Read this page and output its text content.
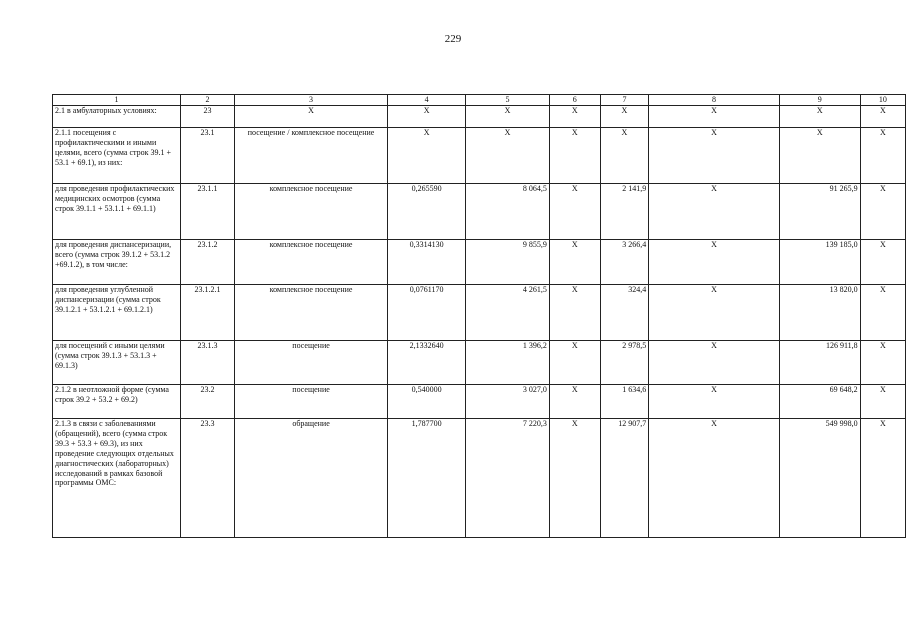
229
1	2	3	4	5	6	7	8	9	10
2.1 в амбулаторных условиях:	23	X	X	X	X	X	X	X	X
2.1.1 посещения с профилактическими и иными целями, всего (сумма строк 39.1 + 53.1 + 69.1), из них:	23.1	посещение / комплексное посещение	X	X	X	X	X	X	X
для проведения профилактических медицинских осмотров (сумма строк 39.1.1 + 53.1.1 + 69.1.1)	23.1.1	комплексное посещение	0,265590	8 064,5	X	2 141,9	X	91 265,9	X
для проведения диспансеризации, всего (сумма строк 39.1.2 + 53.1.2 +69.1.2), в том числе:	23.1.2	комплексное посещение	0,3314130	9 855,9	X	3 266,4	X	139 185,0	X
для проведения углубленной диспансеризации (сумма строк 39.1.2.1 + 53.1.2.1 + 69.1.2.1)	23.1.2.1	комплексное посещение	0,0761170	4 261,5	X	324,4	X	13 820,0	X
для посещений с иными целями (сумма строк 39.1.3 + 53.1.3 + 69.1.3)	23.1.3	посещение	2,1332640	1 396,2	X	2 978,5	X	126 911,8	X
2.1.2 в неотложной форме (сумма строк 39.2 + 53.2 + 69.2)	23.2	посещение	0,540000	3 027,0	X	1 634,6	X	69 648,2	X
2.1.3 в связи с заболеваниями (обращений), всего (сумма строк 39.3 + 53.3 + 69.3), из них проведение следующих отдельных диагностических (лабораторных) исследований в рамках базовой программы ОМС:	23.3	обращение	1,787700	7 220,3	X	12 907,7	X	549 998,0	X
